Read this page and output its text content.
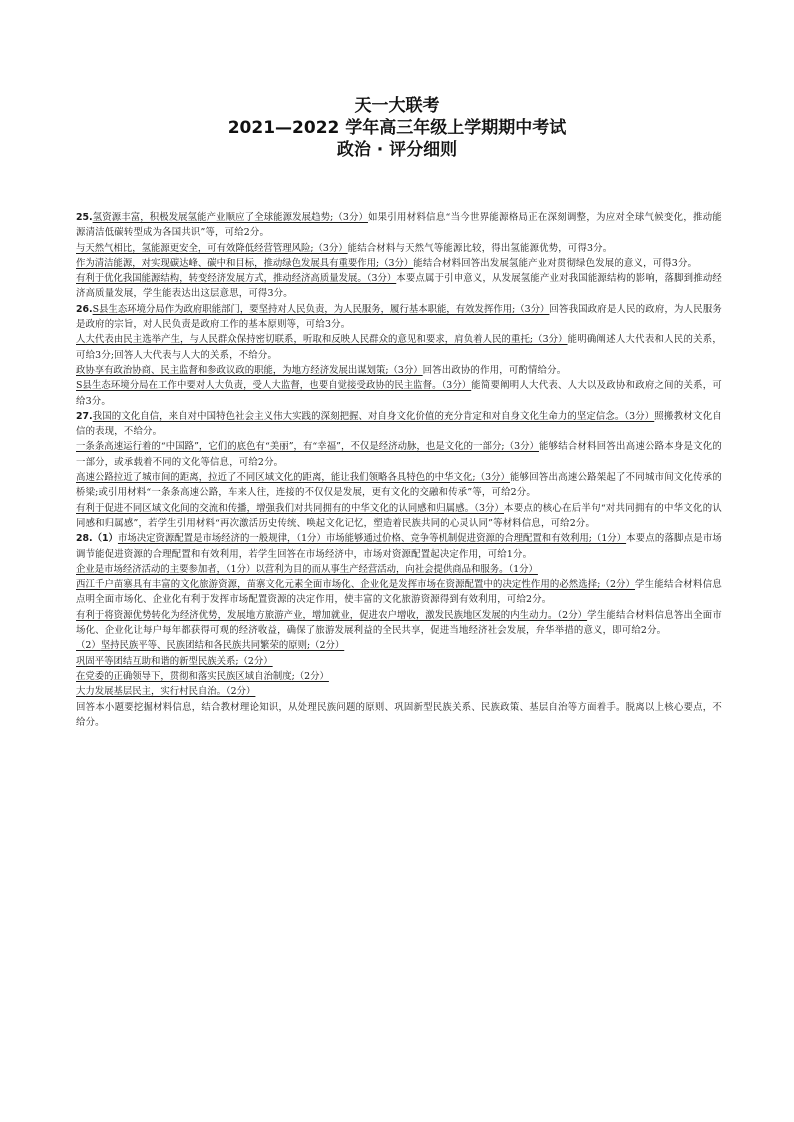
天一大联考
2021—2022 学年高三年级上学期期中考试
政治 · 评分细则

25.氢资源丰富，积极发展氢能产业顺应了全球能源发展趋势;（3分）如果引用材料信息“当今世界能源格局正在深刻调整，为应对全球气候变化，推动能源清洁低碳转型成为各国共识”等，可给2分。

与天然气相比，氢能源更安全，可有效降低经营管理风险;（3分）能结合材料与天然气等能源比较，得出氢能源优势，可得3分。

作为清洁能源，对实现碳达峰、碳中和目标，推动绿色发展具有重要作用;（3分）能结合材料回答出发展氢能产业对贯彻绿色发展的意义，可得3分。

有利于优化我国能源结构，转变经济发展方式，推动经济高质量发展。（3分）本要点属于引申意义，从发展氢能产业对我国能源结构的影响，落脚到推动经济高质量发展，学生能表达出这层意思，可得3分。

26.S县生态环境分局作为政府职能部门，要坚持对人民负责，为人民服务，履行基本职能，有效发挥作用;（3分）回答我国政府是人民的政府，为人民服务是政府的宗旨，对人民负责是政府工作的基本原则等，可给3分。

人大代表由民主选举产生，与人民群众保持密切联系，听取和反映人民群众的意见和要求，肩负着人民的重托;（3分）能明确阐述人大代表和人民的关系，可给3分;回答人大代表与人大的关系，不给分。

政协享有政治协商、民主监督和参政议政的职能，为地方经济发展出谋划策;（3分）回答出政协的作用，可酌情给分。

S县生态环境分局在工作中要对人大负责，受人大监督，也要自觉接受政协的民主监督。（3分）能简要阐明人大代表、人大以及政协和政府之间的关系，可给3分。

27.我国的文化自信，来自对中国特色社会主义伟大实践的深刻把握、对自身文化价值的充分肯定和对自身文化生命力的坚定信念。（3分）照搬教材文化自信的表现，不给分。

一条条高速运行着的“中国路”，它们的底色有“美丽”，有“幸福”，不仅是经济动脉，也是文化的一部分;（3分）能够结合材料回答出高速公路本身是文化的一部分，或承载着不同的文化等信息，可给2分。

高速公路拉近了城市间的距离，拉近了不同区域文化的距离，能让我们领略各具特色的中华文化;（3分）能够回答出高速公路架起了不同城市间文化传承的桥梁;或引用材料“一条条高速公路，车来人往，连接的不仅仅是发展，更有文化的交融和传承”等，可给2分。

有利于促进不同区域文化间的交流和传播，增强我们对共同拥有的中华文化的认同感和归属感。（3分）本要点的核心在后半句“对共同拥有的中华文化的认同感和归属感”，若学生引用材料“再次激活历史传统、唤起文化记忆，塑造着民族共同的心灵认同”等材料信息，可给2分。

28.（1）市场决定资源配置是市场经济的一般规律，（1分）市场能够通过价格、竞争等机制促进资源的合理配置和有效利用;（1分）本要点的落脚点是市场调节能促进资源的合理配置和有效利用，若学生回答在市场经济中，市场对资源配置起决定作用，可给1分。

企业是市场经济活动的主要参加者，（1分）以营利为目的而从事生产经营活动，向社会提供商品和服务。（1分）

西江千户苗寨具有丰富的文化旅游资源，苗寨文化元素全面市场化、企业化是发挥市场在资源配置中的决定性作用的必然选择;（2分）学生能结合材料信息点明全面市场化、企业化有利于发挥市场配置资源的决定作用，使丰富的文化旅游资源得到有效利用，可给2分。

有利于将资源优势转化为经济优势，发展地方旅游产业，增加就业，促进农户增收，激发民族地区发展的内生动力。（2分）学生能结合材料信息答出全面市场化、企业化让每户每年都获得可观的经济收益，确保了旅游发展利益的全民共享，促进当地经济社会发展，弁华举措的意义，即可给2分。

（2）坚持民族平等、民族团结和各民族共同繁荣的原则;（2分）

巩固平等团结互助和谐的新型民族关系;（2分）

在党委的正确领导下，贯彻和落实民族区域自治制度;（2分）

大力发展基层民主，实行村民自治。（2分）

回答本小题要挖掘材料信息，结合教材理论知识，从处理民族问题的原则、巩固新型民族关系、民族政策、基层自治等方面着手。脱离以上核心要点，不给分。
